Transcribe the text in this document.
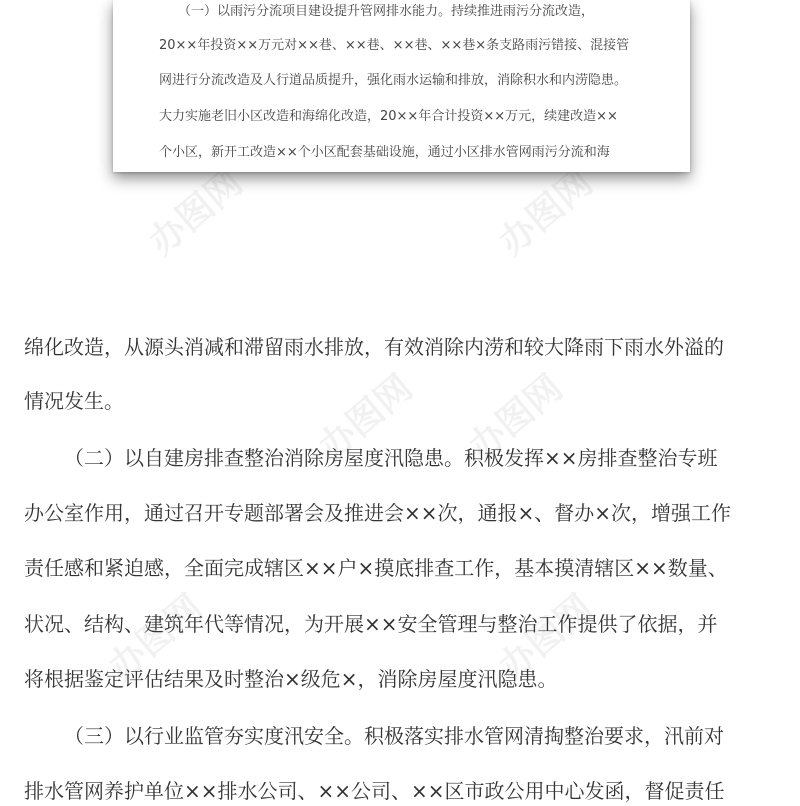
办图网	办图网
办图网 办图网
办图网	办图网

（一）以雨污分流项目建设提升管网排水能力。持续推进雨污分流改造，

20××年投资××万元对××巷、××巷、××巷、××巷×条支路雨污错接、混接管

网进行分流改造及人行道品质提升，强化雨水运输和排放，消除积水和内涝隐患。

大力实施老旧小区改造和海绵化改造，20××年合计投资××万元，续建改造××

个小区，新开工改造××个小区配套基础设施，通过小区排水管网雨污分流和海

绵化改造，从源头消减和滞留雨水排放，有效消除内涝和较大降雨下雨水外溢的

情况发生。

（二）以自建房排查整治消除房屋度汛隐患。积极发挥××房排查整治专班

办公室作用，通过召开专题部署会及推进会××次，通报×、督办×次，增强工作

责任感和紧迫感，全面完成辖区××户×摸底排查工作，基本摸清辖区××数量、

状况、结构、建筑年代等情况，为开展××安全管理与整治工作提供了依据，并

将根据鉴定评估结果及时整治×级危×，消除房屋度汛隐患。

（三）以行业监管夯实度汛安全。积极落实排水管网清掏整治要求，汛前对

排水管网养护单位××排水公司、××公司、××区市政公用中心发函，督促责任
